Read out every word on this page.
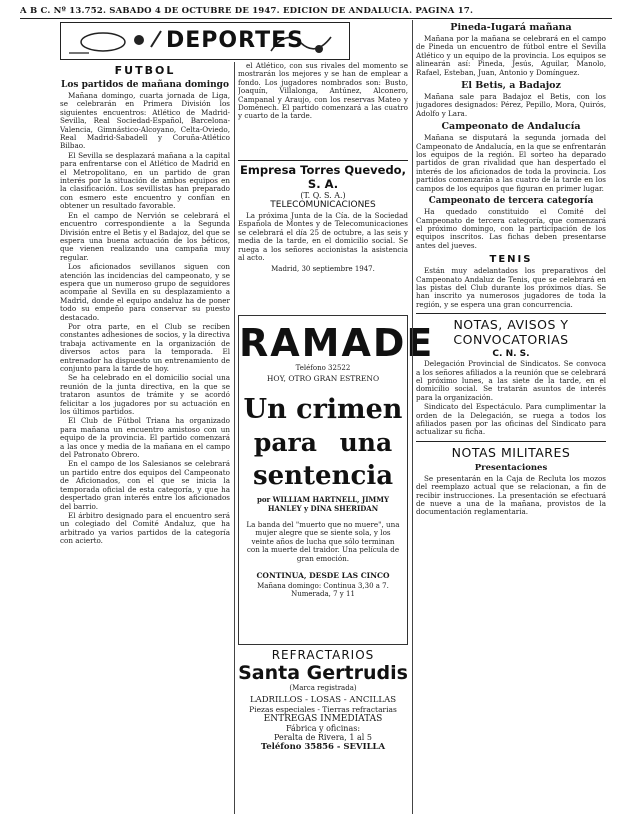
A B C. Nº 13.752. SABADO 4 DE OCTUBRE DE 1947. EDICION DE ANDALUCIA. PAGINA 17.
DEPORTES
FUTBOL
Los partidos de mañana domingo

Mañana domingo, cuarta jornada de Liga, se celebrarán en Primera División los siguientes encuentros: Atlético de Madrid-Sevilla, Real Sociedad-Español, Barcelona-Valencia, Gimnástico-Alcoyano, Celta-Oviedo, Real Madrid-Sabadell y Coruña-Atlético Bilbao.

El Sevilla se desplazará mañana a la capital para enfrentarse con el Atlético de Madrid en el Metropolitano, en un partido de gran interés por la situación de ambos equipos en la clasificación. Los sevillistas han preparado con esmero este encuentro y confían en obtener un resultado favorable.

En el campo de Nervión se celebrará el encuentro correspondiente a la Segunda División entre el Betis y el Badajoz, del que se espera una buena actuación de los béticos, que vienen realizando una campaña muy regular.

Los aficionados sevillanos siguen con atención las incidencias del campeonato, y se espera que un numeroso grupo de seguidores acompañe al Sevilla en su desplazamiento a Madrid, donde el equipo andaluz ha de poner todo su empeño para conservar su puesto destacado.

Por otra parte, en el Club se reciben constantes adhesiones de socios, y la directiva trabaja activamente en la organización de diversos actos para la temporada. El entrenador ha dispuesto un entrenamiento de conjunto para la tarde de hoy.

Se ha celebrado en el domicilio social una reunión de la junta directiva, en la que se trataron asuntos de trámite y se acordó felicitar a los jugadores por su actuación en los últimos partidos.

El Club de Fútbol Triana ha organizado para mañana un encuentro amistoso con un equipo de la provincia. El partido comenzará a las once y media de la mañana en el campo del Patronato Obrero.

En el campo de los Salesianos se celebrará un partido entre dos equipos del Campeonato de Aficionados, con el que se inicia la temporada oficial de esta categoría, y que ha despertado gran interés entre los aficionados del barrio.

El árbitro designado para el encuentro será un colegiado del Comité Andaluz, que ha arbitrado ya varios partidos de la categoría con acierto.

el Atlético, con sus rivales del momento se mostrarán los mejores y se han de emplear a fondo. Los jugadores nombrados son: Busto, Joaquín, Villalonga, Antúnez, Alconero, Campanal y Araujo, con los reservas Mateo y Doménech. El partido comenzará a las cuatro y cuarto de la tarde.

Empresa Torres Quevedo, S. A.
(T. Q. S. A.)
TELECOMUNICACIONES

La próxima Junta de la Cía. de la Sociedad Española de Montes y de Telecomunicaciones se celebrará el día 25 de octubre, a las seis y media de la tarde, en el domicilio social. Se ruega a los señores accionistas la asistencia al acto.

Madrid, 30 septiembre 1947.
RAMADE
Teléfono 32522
HOY, OTRO GRAN ESTRENO
Un crimen
para una
sentencia
por WILLIAM HARTNELL, JIMMY
HANLEY y DINA SHERIDAN
La banda del "muerto que no muere", una mujer alegre que se siente sola, y los veinte años de lucha que sólo terminan con la muerte del traidor. Una película de gran emoción.
CONTINUA, DESDE LAS CINCO
Mañana domingo: Continua 3,30 a 7.
Numerada, 7 y 11
REFRACTARIOS
Santa Gertrudis
(Marca registrada)
LADRILLOS - LOSAS - ANCILLAS
Piezas especiales - Tierras refractarias
ENTREGAS INMEDIATAS
Fábrica y oficinas:
Peralta de Rivera, 1 al 5
Teléfono 35856 - SEVILLA
Pineda-Iugará mañana

Mañana por la mañana se celebrará en el campo de Pineda un encuentro de fútbol entre el Sevilla Atlético y un equipo de la provincia. Los equipos se alinearán así: Pineda, Jesús, Aguilar, Manolo, Rafael, Esteban, Juan, Antonio y Domínguez.

El Betis, a Badajoz

Mañana sale para Badajoz el Betis, con los jugadores designados: Pérez, Pepillo, Mora, Quirós, Adolfo y Lara.

Campeonato de Andalucía

Mañana se disputará la segunda jornada del Campeonato de Andalucía, en la que se enfrentarán los equipos de la región. El sorteo ha deparado partidos de gran rivalidad que han despertado el interés de los aficionados de toda la provincia. Los partidos comenzarán a las cuatro de la tarde en los campos de los equipos que figuran en primer lugar.

Campeonato de tercera categoría

Ha quedado constituido el Comité del Campeonato de tercera categoría, que comenzará el próximo domingo, con la participación de los equipos inscritos. Las fichas deben presentarse antes del jueves.

TENIS

Están muy adelantados los preparativos del Campeonato Andaluz de Tenis, que se celebrará en las pistas del Club durante los próximos días. Se han inscrito ya numerosos jugadores de toda la región, y se espera una gran concurrencia.

NOTAS, AVISOS Y CONVOCATORIAS
C. N. S.

Delegación Provincial de Sindicatos. Se convoca a los señores afiliados a la reunión que se celebrará el próximo lunes, a las siete de la tarde, en el domicilio social. Se tratarán asuntos de interés para la organización.

Sindicato del Espectáculo. Para cumplimentar la orden de la Delegación, se ruega a todos los afiliados pasen por las oficinas del Sindicato para actualizar su ficha.

NOTAS MILITARES
Presentaciones

Se presentarán en la Caja de Recluta los mozos del reemplazo actual que se relacionan, a fin de recibir instrucciones. La presentación se efectuará de nueve a una de la mañana, provistos de la documentación reglamentaria.
